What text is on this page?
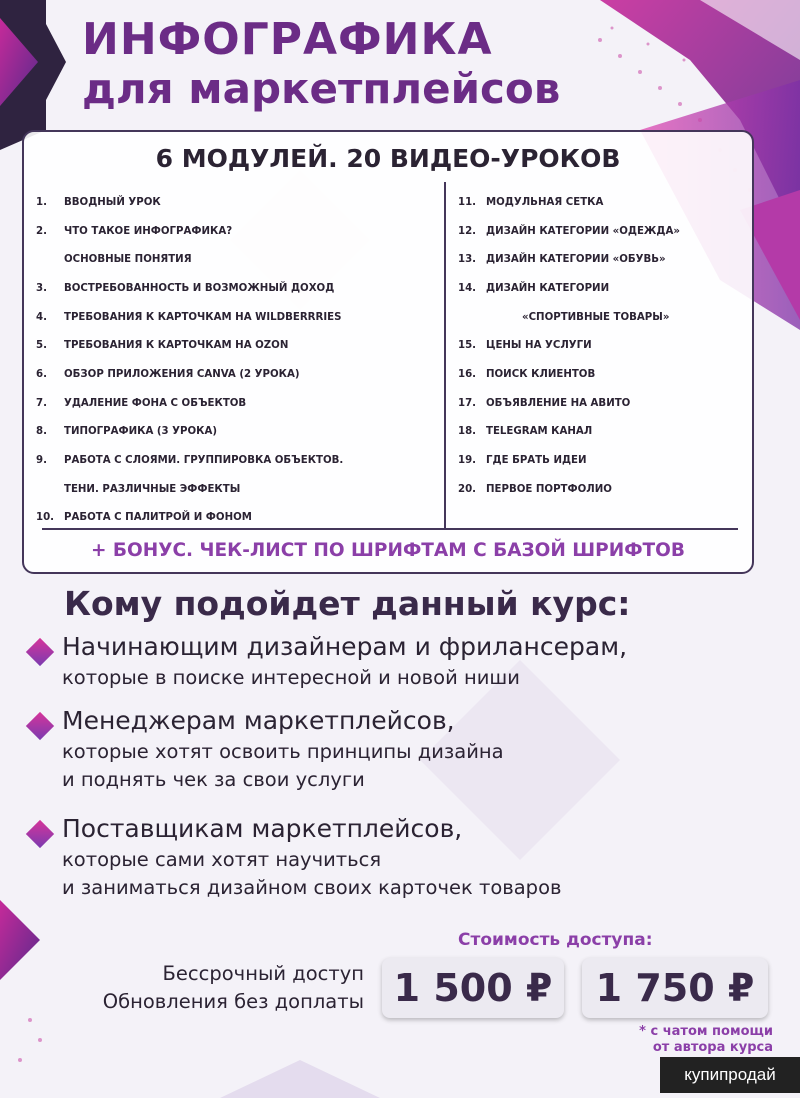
ИНФОГРАФИКА
для маркетплейсов
6 МОДУЛЕЙ. 20 ВИДЕО-УРОКОВ
1.	ВВОДНЫЙ УРОК
2.	ЧТО ТАКОЕ ИНФОГРАФИКА?
ОСНОВНЫЕ ПОНЯТИЯ
3.	ВОСТРЕБОВАННОСТЬ И ВОЗМОЖНЫЙ ДОХОД
4.	ТРЕБОВАНИЯ К КАРТОЧКАМ НА WILDBERRRIES
5.	ТРЕБОВАНИЯ К КАРТОЧКАМ НА OZON
6.	ОБЗОР ПРИЛОЖЕНИЯ CANVA (2 УРОКА)
7.	УДАЛЕНИЕ ФОНА С ОБЪЕКТОВ
8.	ТИПОГРАФИКА (3 УРОКА)
9.	РАБОТА С СЛОЯМИ. ГРУППИРОВКА ОБЪЕКТОВ.
ТЕНИ. РАЗЛИЧНЫЕ ЭФФЕКТЫ
10. РАБОТА С ПАЛИТРОЙ И ФОНОМ
11. МОДУЛЬНАЯ СЕТКА
12. ДИЗАЙН КАТЕГОРИИ «ОДЕЖДА»
13. ДИЗАЙН КАТЕГОРИИ «ОБУВЬ»
14. ДИЗАЙН КАТЕГОРИИ
«СПОРТИВНЫЕ ТОВАРЫ»
15. ЦЕНЫ НА УСЛУГИ
16. ПОИСК КЛИЕНТОВ
17. ОБЪЯВЛЕНИЕ НА АВИТО
18. TELEGRAM КАНАЛ
19. ГДЕ БРАТЬ ИДЕИ
20. ПЕРВОЕ ПОРТФОЛИО
+ БОНУС. ЧЕК-ЛИСТ ПО ШРИФТАМ С БАЗОЙ ШРИФТОВ
Кому подойдет данный курс:
Начинающим дизайнерам и фрилансерам,
которые в поиске интересной и новой ниши
Менеджерам маркетплейсов,
которые хотят освоить принципы дизайна
и поднять чек за свои услуги
Поставщикам маркетплейсов,
которые сами хотят научиться
и заниматься дизайном своих карточек товаров
Стоимость доступа:
Бессрочный доступ
Обновления без доплаты 1 500 ₽	1 750 ₽
* с чатом помощи
от автора курса
купипродай
